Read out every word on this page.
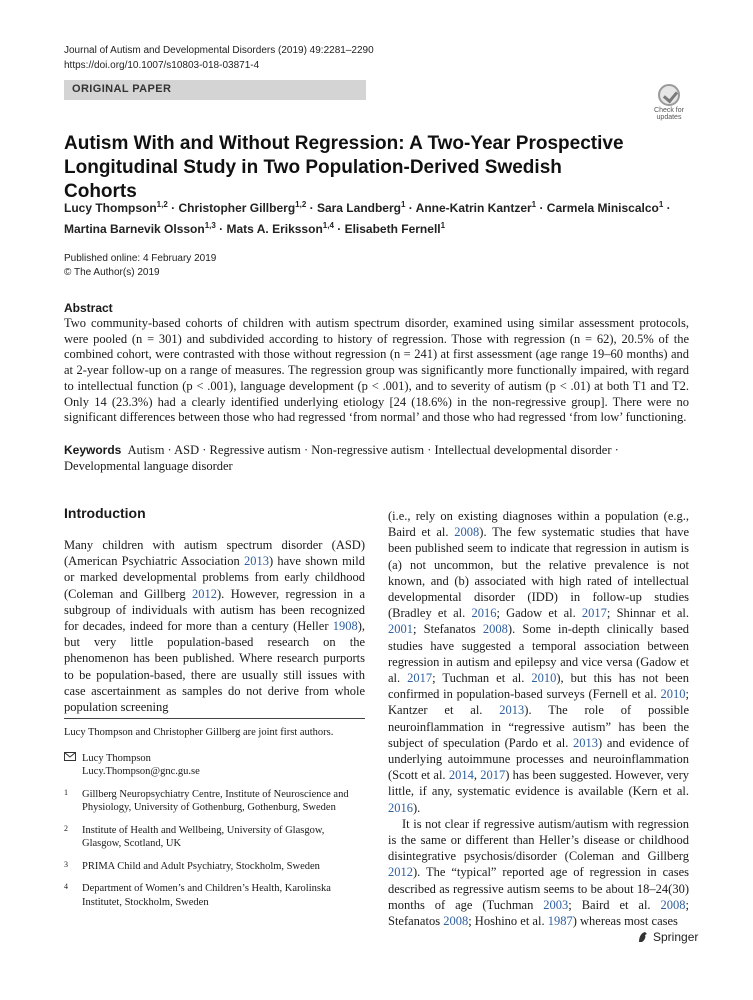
Journal of Autism and Developmental Disorders (2019) 49:2281–2290
https://doi.org/10.1007/s10803-018-03871-4
ORIGINAL PAPER
Check for
updates
Autism With and Without Regression: A Two-Year Prospective Longitudinal Study in Two Population-Derived Swedish Cohorts
Lucy Thompson$^{1,2}$ · Christopher Gillberg$^{1,2}$ · Sara Landberg$^1$ · Anne-Katrin Kantzer$^1$ · Carmela Miniscalco$^1$ ·
Martina Barnevik Olsson$^{1,3}$ · Mats A. Eriksson$^{1,4}$ · Elisabeth Fernell$^1$
Published online: 4 February 2019
© The Author(s) 2019
Abstract

Two community-based cohorts of children with autism spectrum disorder, examined using similar assessment protocols, were pooled (n = 301) and subdivided according to history of regression. Those with regression (n = 62), 20.5% of the combined cohort, were contrasted with those without regression (n = 241) at first assessment (age range 19–60 months) and at 2-year follow-up on a range of measures. The regression group was significantly more functionally impaired, with regard to intellectual function (p < .001), language development (p < .001), and to severity of autism (p < .01) at both T1 and T2. Only 14 (23.3%) had a clearly identified underlying etiology [24 (18.6%) in the non-regressive group]. There were no significant differences between those who had regressed ‘from normal’ and those who had regressed ‘from low’ functioning.

Keywords Autism · ASD · Regressive autism · Non-regressive autism · Intellectual developmental disorder · Developmental language disorder
Introduction

Many children with autism spectrum disorder (ASD) (American Psychiatric Association 2013) have shown mild or marked developmental problems from early childhood (Coleman and Gillberg 2012). However, regression in a subgroup of individuals with autism has been recognized for decades, indeed for more than a century (Heller 1908), but very little population-based research on the phenomenon has been published. Where research purports to be population-based, there are usually still issues with case ascertainment as samples do not derive from whole population screening

Lucy Thompson and Christopher Gillberg are joint first authors.
Lucy Thompson
Lucy.Thompson@gnc.gu.se
1	Gillberg Neuropsychiatry Centre, Institute of Neuroscience and Physiology, University of Gothenburg, Gothenburg, Sweden
2	Institute of Health and Wellbeing, University of Glasgow, Glasgow, Scotland, UK
3	PRIMA Child and Adult Psychiatry, Stockholm, Sweden
4	Department of Women’s and Children’s Health, Karolinska Institutet, Stockholm, Sweden

(i.e., rely on existing diagnoses within a population (e.g., Baird et al. 2008). The few systematic studies that have been published seem to indicate that regression in autism is (a) not uncommon, but the relative prevalence is not known, and (b) associated with high rated of intellectual developmental disorder (IDD) in follow-up studies (Bradley et al. 2016; Gadow et al. 2017; Shinnar et al. 2001; Stefanatos 2008). Some in-depth clinically based studies have suggested a temporal association between regression in autism and epilepsy and vice versa (Gadow et al. 2017; Tuchman et al. 2010), but this has not been confirmed in population-based surveys (Fernell et al. 2010; Kantzer et al. 2013). The role of possible neuroinflammation in “regressive autism” has been the subject of speculation (Pardo et al. 2013) and evidence of underlying autoimmune processes and neuroinflammation (Scott et al. 2014, 2017) has been suggested. However, very little, if any, systematic evidence is available (Kern et al. 2016).

It is not clear if regressive autism/autism with regression is the same or different than Heller’s disease or childhood disintegrative psychosis/disorder (Coleman and Gillberg 2012). The “typical” reported age of regression in cases described as regressive autism seems to be about 18–24(30) months of age (Tuchman 2003; Baird et al. 2008; Stefanatos 2008; Hoshino et al. 1987) whereas most cases

Springer
